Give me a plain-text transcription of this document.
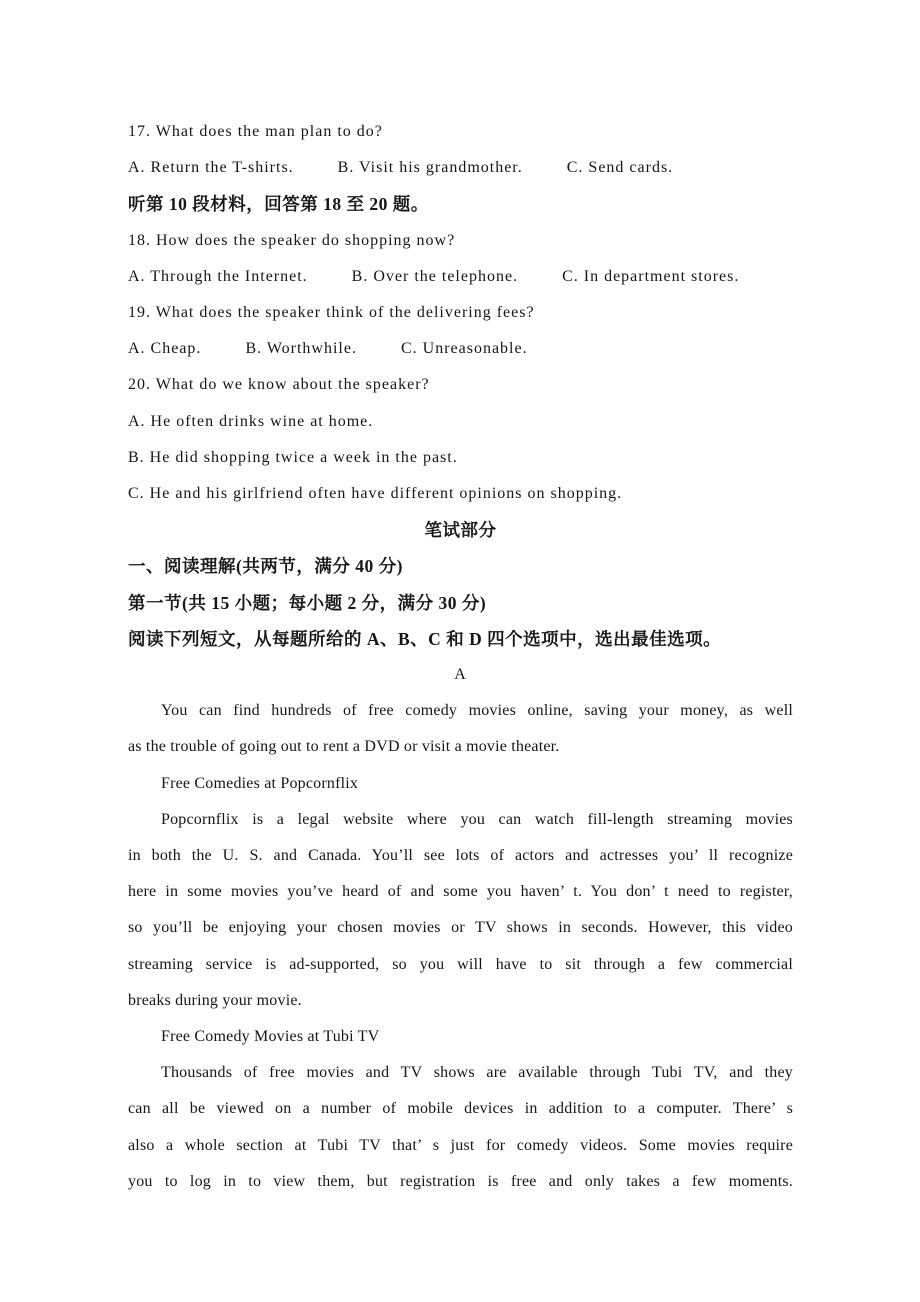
17. What does the man plan to do?
A. Return the T-shirts.	B. Visit his grandmother.	C. Send cards.
听第 10 段材料，回答第 18 至 20 题。
18. How does the speaker do shopping now?
A. Through the Internet.	B. Over the telephone.	C. In department stores.
19. What does the speaker think of the delivering fees?
A. Cheap.	B. Worthwhile.	C. Unreasonable.
20. What do we know about the speaker?
A. He often drinks wine at home.
B. He did shopping twice a week in the past.
C. He and his girlfriend often have different opinions on shopping.
笔试部分
一、阅读理解(共两节，满分 40 分)
第一节(共 15 小题；每小题 2 分，满分 30 分)
阅读下列短文，从每题所给的 A、B、C 和 D 四个选项中，选出最佳选项。
A
You can find hundreds of free comedy movies online, saving your money, as well
as the trouble of going out to rent a DVD or visit a movie theater.
Free Comedies at Popcornflix
Popcornflix is a legal website where you can watch fill-length streaming movies
in both the U. S. and Canada. You’ll see lots of actors and actresses you’ ll recognize
here in some movies you’ve heard of and some you haven’ t. You don’ t need to register,
so you’ll be enjoying your chosen movies or TV shows in seconds. However, this video
streaming service is ad-supported, so you will have to sit through a few commercial
breaks during your movie.
Free Comedy Movies at Tubi TV
Thousands of free movies and TV shows are available through Tubi TV, and they
can all be viewed on a number of mobile devices in addition to a computer. There’ s
also a whole section at Tubi TV that’ s just for comedy videos. Some movies require
you to log in to view them, but registration is free and only takes a few moments.
